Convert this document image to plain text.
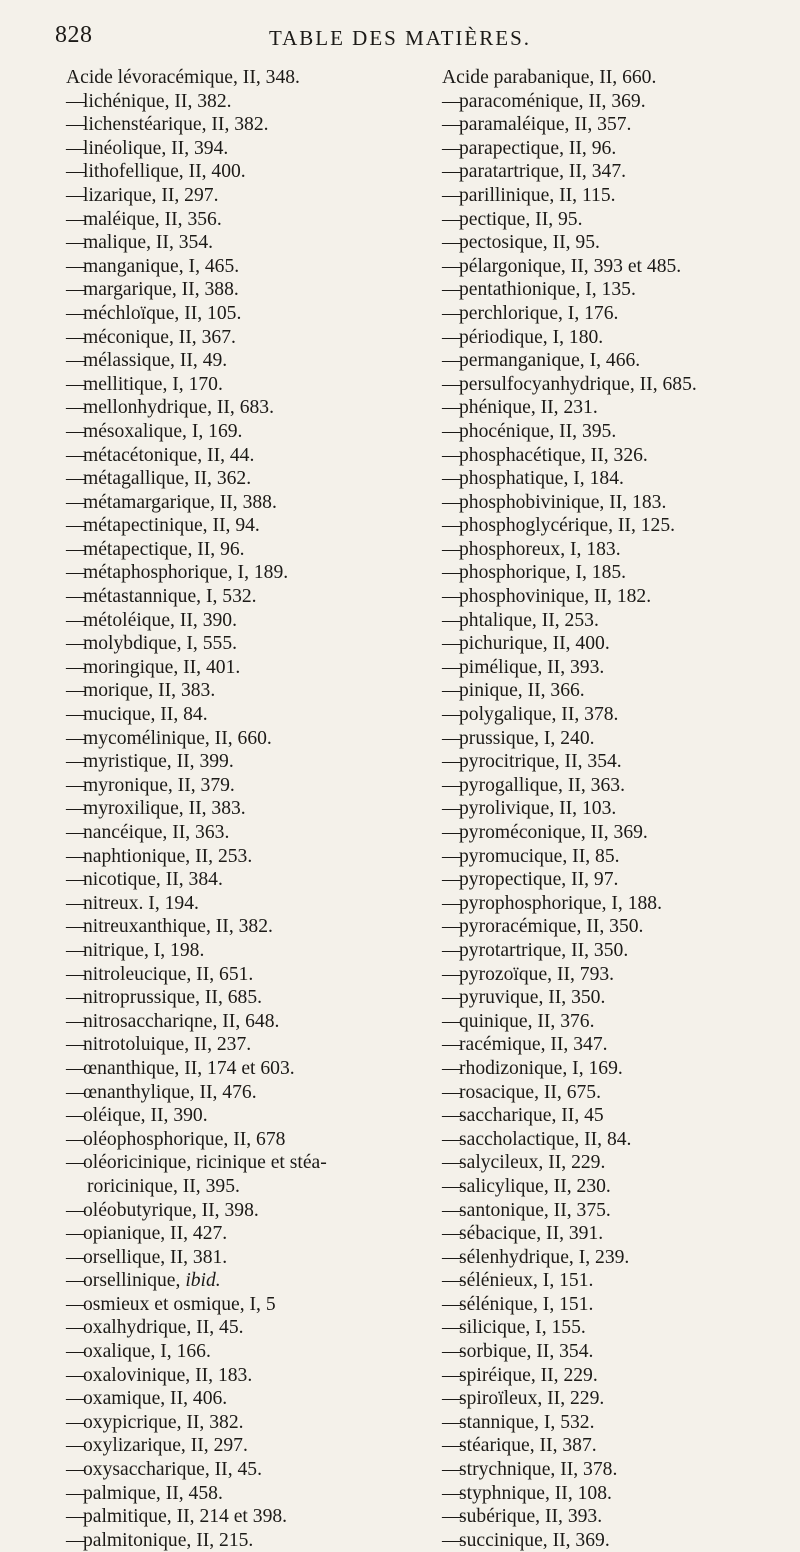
828	TABLE DES MATIÈRES.
Acide lévoracémique, II, 348.
— lichénique, II, 382.
— lichenstéarique, II, 382.
— linéolique, II, 394.
— lithofellique, II, 400.
— lizarique, II, 297.
— maléique, II, 356.
— malique, II, 354.
— manganique, I, 465.
— margarique, II, 388.
— méchloïque, II, 105.
— méconique, II, 367.
— mélassique, II, 49.
— mellitique, I, 170.
— mellonhydrique, II, 683.
— mésoxalique, I, 169.
— métacétonique, II, 44.
— métagallique, II, 362.
— métamargarique, II, 388.
— métapectinique, II, 94.
— métapectique, II, 96.
— métaphosphorique, I, 189.
— métastannique, I, 532.
— métoléique, II, 390.
— molybdique, I, 555.
— moringique, II, 401.
— morique, II, 383.
— mucique, II, 84.
— mycomélinique, II, 660.
— myristique, II, 399.
— myronique, II, 379.
— myroxilique, II, 383.
— nancéique, II, 363.
— naphtionique, II, 253.
— nicotique, II, 384.
— nitreux. I, 194.
— nitreuxanthique, II, 382.
— nitrique, I, 198.
— nitroleucique, II, 651.
— nitroprussique, II, 685.
— nitrosacchariqne, II, 648.
— nitrotoluique, II, 237.
— œnanthique, II, 174 et 603.
— œnanthylique, II, 476.
— oléique, II, 390.
— oléophosphorique, II, 678
— oléoricinique, ricinique et stéa-
roricinique, II, 395.
— oléobutyrique, II, 398.
— opianique, II, 427.
— orsellique, II, 381.
— orsellinique, ibid.
— osmieux et osmique, I, 5
— oxalhydrique, II, 45.
— oxalique, I, 166.
— oxalovinique, II, 183.
— oxamique, II, 406.
— oxypicrique, II, 382.
— oxylizarique, II, 297.
— oxysaccharique, II, 45.
— palmique, II, 458.
— palmitique, II, 214 et 398.
— palmitonique, II, 215.
Acide parabanique, II, 660.
— paracoménique, II, 369.
— paramaléique, II, 357.
— parapectique, II, 96.
— paratartrique, II, 347.
— parillinique, II, 115.
— pectique, II, 95.
— pectosique, II, 95.
— pélargonique, II, 393 et 485.
— pentathionique, I, 135.
— perchlorique, I, 176.
— périodique, I, 180.
— permanganique, I, 466.
— persulfocyanhydrique, II, 685.
— phénique, II, 231.
— phocénique, II, 395.
— phosphacétique, II, 326.
— phosphatique, I, 184.
— phosphobivinique, II, 183.
— phosphoglycérique, II, 125.
— phosphoreux, I, 183.
— phosphorique, I, 185.
— phosphovinique, II, 182.
— phtalique, II, 253.
— pichurique, II, 400.
— pimélique, II, 393.
— pinique, II, 366.
— polygalique, II, 378.
— prussique, I, 240.
— pyrocitrique, II, 354.
— pyrogallique, II, 363.
— pyrolivique, II, 103.
— pyroméconique, II, 369.
— pyromucique, II, 85.
— pyropectique, II, 97.
— pyrophosphorique, I, 188.
— pyroracémique, II, 350.
— pyrotartrique, II, 350.
— pyrozoïque, II, 793.
— pyruvique, II, 350.
— quinique, II, 376.
— racémique, II, 347.
— rhodizonique, I, 169.
— rosacique, II, 675.
— saccharique, II, 45
— saccholactique, II, 84.
— salycileux, II, 229.
— salicylique, II, 230.
— santonique, II, 375.
— sébacique, II, 391.
— sélenhydrique, I, 239.
— sélénieux, I, 151.
— sélénique, I, 151.
— silicique, I, 155.
— sorbique, II, 354.
— spiréique, II, 229.
— spiroïleux, II, 229.
— stannique, I, 532.
— stéarique, II, 387.
— strychnique, II, 378.
— styphnique, II, 108.
— subérique, II, 393.
— succinique, II, 369.
